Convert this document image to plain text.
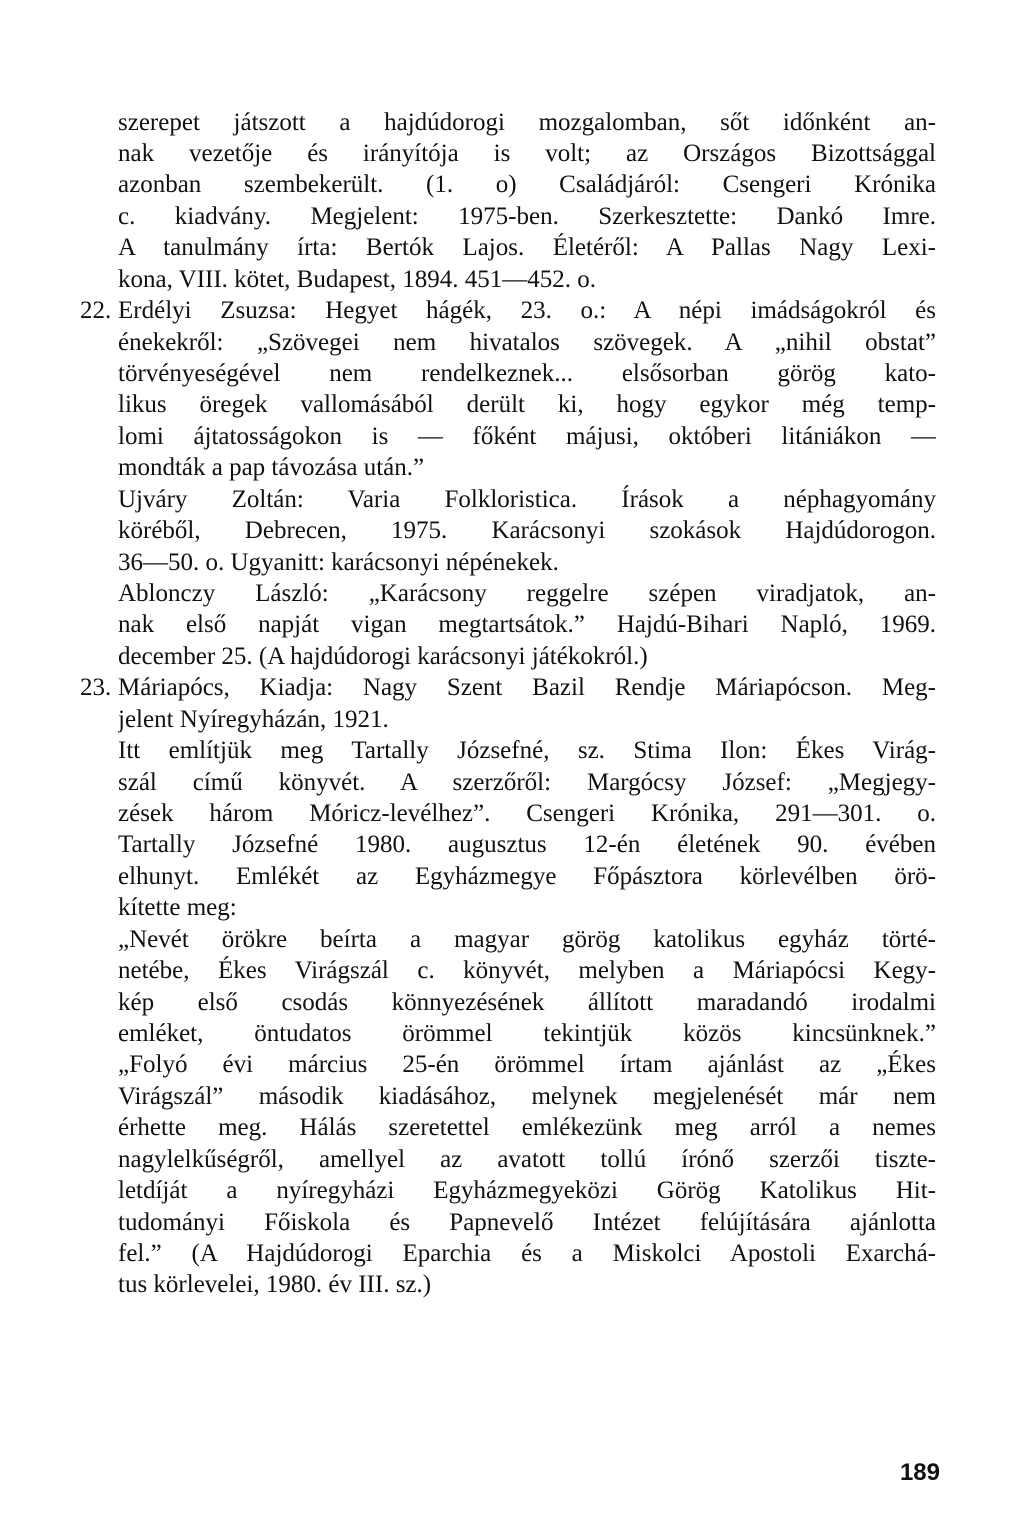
szerepet játszott a hajdúdorogi mozgalomban, sőt időnként an-
nak vezetője és irányítója is volt; az Országos Bizottsággal
azonban szembekerült. (1. o) Családjáról: Csengeri Krónika
c. kiadvány. Megjelent: 1975-ben. Szerkesztette: Dankó Imre.
A tanulmány írta: Bertók Lajos. Életéről: A Pallas Nagy Lexi-
kona, VIII. kötet, Budapest, 1894. 451—452. o.
22. Erdélyi Zsuzsa: Hegyet hágék, 23. o.: A népi imádságokról és
énekekről: „Szövegei nem hivatalos szövegek. A „nihil obstat”
törvényeségével nem rendelkeznek... elsősorban görög kato-
likus öregek vallomásából derült ki, hogy egykor még temp-
lomi ájtatosságokon is — főként májusi, októberi litániákon —
mondták a pap távozása után.”
Ujváry Zoltán: Varia Folkloristica. Írások a néphagyomány
köréből, Debrecen, 1975. Karácsonyi szokások Hajdúdorogon.
36—50. o. Ugyanitt: karácsonyi népénekek.
Ablonczy László: „Karácsony reggelre szépen viradjatok, an-
nak első napját vigan megtartsátok.” Hajdú-Bihari Napló, 1969.
december 25. (A hajdúdorogi karácsonyi játékokról.)
23. Máriapócs, Kiadja: Nagy Szent Bazil Rendje Máriapócson. Meg-
jelent Nyíregyházán, 1921.
Itt említjük meg Tartally Józsefné, sz. Stima Ilon: Ékes Virág-
szál című könyvét. A szerzőről: Margócsy József: „Megjegy-
zések három Móricz-levélhez”. Csengeri Krónika, 291—301. o.
Tartally Józsefné 1980. augusztus 12-én életének 90. évében
elhunyt. Emlékét az Egyházmegye Főpásztora körlevélben örö-
kítette meg:
„Nevét örökre beírta a magyar görög katolikus egyház törté-
netébe, Ékes Virágszál c. könyvét, melyben a Máriapócsi Kegy-
kép első csodás könnyezésének állított maradandó irodalmi
emléket, öntudatos örömmel tekintjük közös kincsünknek.”
„Folyó évi március 25-én örömmel írtam ajánlást az „Ékes
Virágszál” második kiadásához, melynek megjelenését már nem
érhette meg. Hálás szeretettel emlékezünk meg arról a nemes
nagylelkűségről, amellyel az avatott tollú írónő szerzői tiszte-
letdíját a nyíregyházi Egyházmegyeközi Görög Katolikus Hit-
tudományi Főiskola és Papnevelő Intézet felújítására ajánlotta
fel.” (A Hajdúdorogi Eparchia és a Miskolci Apostoli Exarchá-
tus körlevelei, 1980. év III. sz.)
189
